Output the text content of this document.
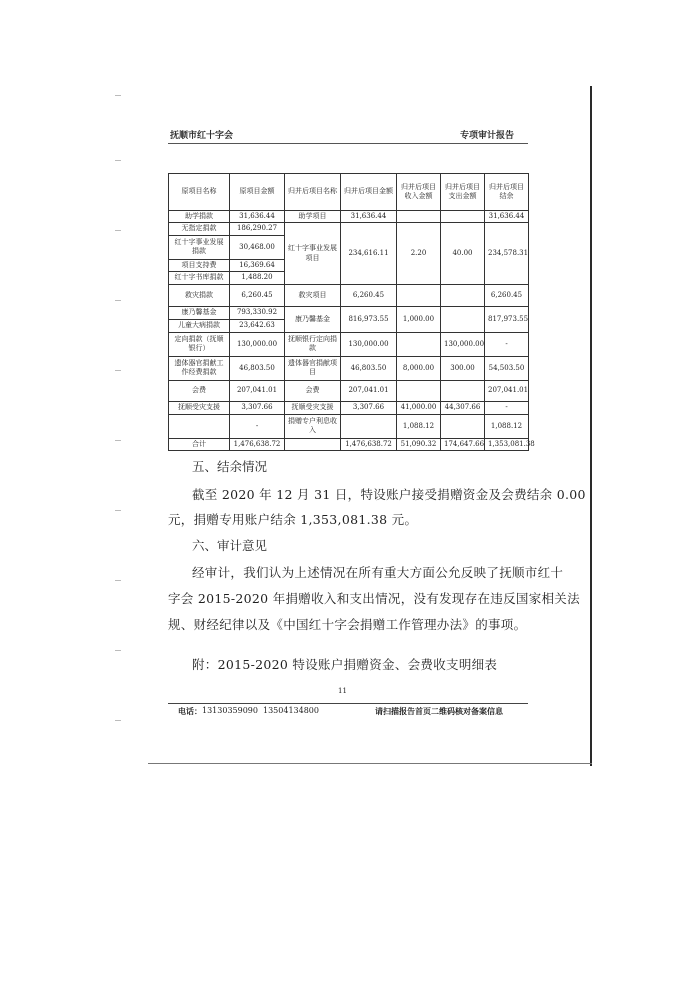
抚顺市红十字会	专项审计报告
原项目名称	原项目金额	归并后项目名称	归并后项目金额	归并后项目收入金额	归并后项目支出金额	归并后项目结余
助学捐款	31,636.44	助学项目	31,636.44			31,636.44
无指定捐款	186,290.27	红十字事业发展项目	234,616.11	2.20	40.00	234,578.31
红十字事业发展捐款	30,468.00					
项目支持费	16,369.64					
红十字书库捐款	1,488.20					
救灾捐款	6,260.45	救灾项目	6,260.45			6,260.45
康乃馨基金	793,330.92	康乃馨基金	816,973.55	1,000.00		817,973.55
儿童大病捐款	23,642.63					
定向捐款（抚顺银行）	130,000.00	抚顺银行定向捐款	130,000.00		130,000.00	-
遗体器官捐献工作经费捐款	46,803.50	遗体器官捐献项目	46,803.50	8,000.00	300.00	54,503.50
会费	207,041.01	会费	207,041.01			207,041.01
抚顺受灾支援	3,307.66	抚顺受灾支援	3,307.66	41,000.00	44,307.66	-
	-	捐赠专户利息收入		1,088.12		1,088.12
合计	1,476,638.72		1,476,638.72	51,090.32	174,647.66	1,353,081.38
五、结余情况
截至 2020 年 12 月 31 日，特设账户接受捐赠资金及会费结余 0.00
元，捐赠专用账户结余 1,353,081.38 元。
六、审计意见
经审计，我们认为上述情况在所有重大方面公允反映了抚顺市红十
字会 2015-2020 年捐赠收入和支出情况，没有发现存在违反国家相关法
规、财经纪律以及《中国红十字会捐赠工作管理办法》的事项。
附：2015-2020 特设账户捐赠资金、会费收支明细表
11
电话： 13130359090 13504134800	请扫描报告首页二维码核对备案信息
